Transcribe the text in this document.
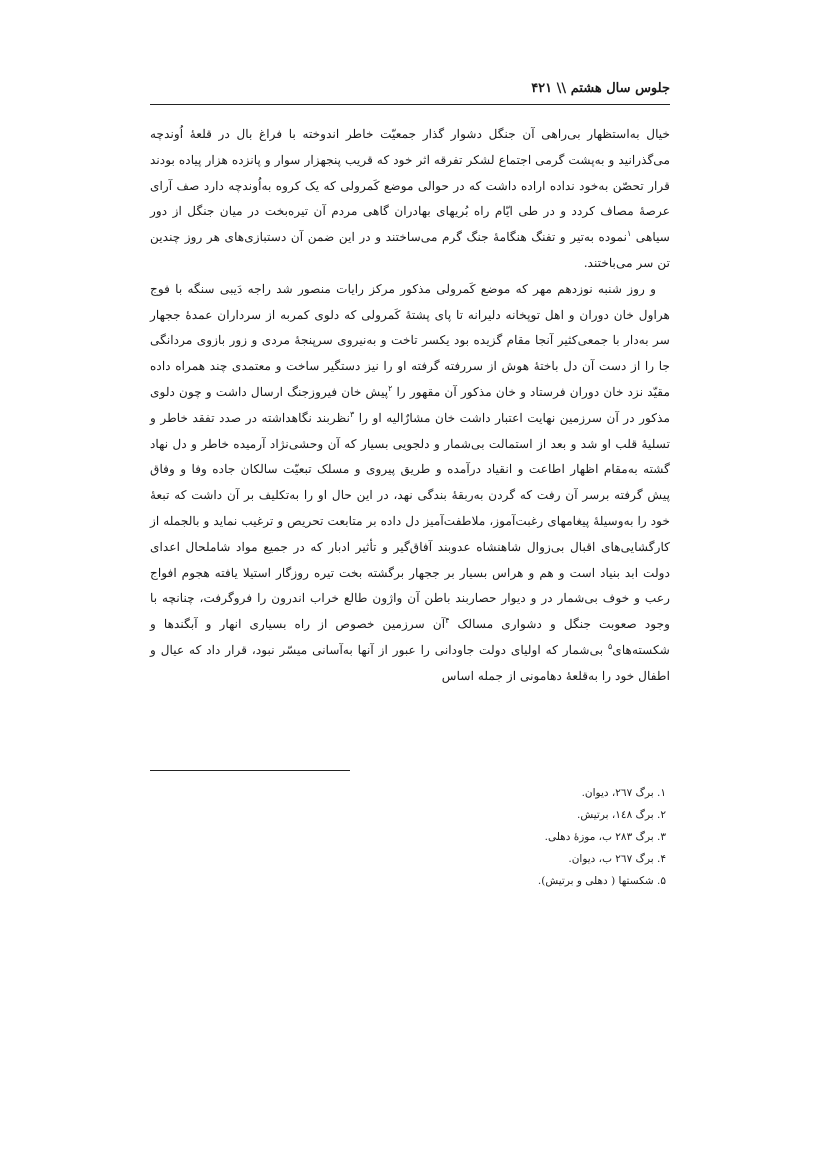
جلوس سال هشتم \\ ۴۲۱

خیال به‌استظهار بی‌راهی آن جنگل دشوار گذار جمعیّت خاطر اندوخته با فراغ بال در قلعهٔ اُوندچه می‌گذرانید و به‌پشت گرمی اجتماع لشکر تفرقه اثر خود که قریب پنجهزار سوار و پانزده هزار پیاده بودند قرار تحصّن به‌خود نداده اراده داشت که در حوالی موضع کَمرولی که یک کروه به‌اُوندچه دارد صف آرای عرصهٔ مصاف کردد و در طی ایّام راه بُریهای بهادران گاهی مردم آن تیره‌بخت در میان جنگل از دور سیاهی $^۱$نموده به‌تیر و تفنگ هنگامهٔ جنگ گرم می‌ساختند و در این ضمن آن دستبازی‌های هر روز چندین تن سر می‌باختند.

و روز شنبه نوزدهم مهر که موضع کَمرولی مذکور مرکز رایات منصور شد راجه دَیبی سنگه با فوج هراول خان دوران و اهل توپخانه دلیرانه تا پای پشتهٔ کَمرولی که دلوی کمربه از سرداران عمدهٔ ججهار سر به‌دار با جمعی‌کثیر آنجا مقام گزیده بود یکسر تاخت و به‌نیروی سرپنجهٔ مردی و زور بازوی مردانگی جا را از دست آن دل باختهٔ هوش از سررفته گرفته او را نیز دستگیر ساخت و معتمدی چند همراه داده مقیّد نزد خان دوران فرستاد و خان مذکور آن مقهور را $^۲$پیش خان فیروزجنگ ارسال داشت و چون دلوی مذکور در آن سرزمین نهایت اعتبار داشت خان مشارٌالیه او را $^۳$نظربند نگاهداشته در صدد تفقد خاطر و تسلیهٔ قلب او شد و بعد از استمالت بی‌شمار و دلجویی بسیار که آن وحشی‌نژاد آرمیده خاطر و دل نهاد گشته به‌مقام اظهار اطاعت و انقیاد درآمده و طریق پیروی و مسلک تبعیّت سالکان جاده وفا و وفاق پیش گرفته برسر آن رفت که گردن به‌ربقهٔ بندگی نهد، در این حال او را به‌تکلیف بر آن داشت که تبعهٔ خود را به‌وسیلهٔ پیغامهای رغبت‌آموز، ملاطفت‌آمیز دل داده بر متابعت تحریص و ترغیب نماید و بالجمله از کارگشایی‌های اقبال بی‌زوال شاهنشاه عدوبند آفاق‌گیر و تأثیر ادبار که در جمیع مواد شاملحال اعدای دولت ابد بنیاد است و هم و هراس بسیار بر ججهار برگشته بخت تیره روزگار استیلا یافته هجوم افواج رعب و خوف بی‌شمار در و دیوار حصاربند باطن آن واژون طالع خراب اندرون را فروگرفت، چنانچه با وجود صعوبت جنگل و دشواری مسالک $^۴$آن سرزمین خصوص از راه بسیاری انهار و آبگندها و شکسته‌های$^۵$ بی‌شمار که اولیای دولت جاودانی را عبور از آنها به‌آسانی میسّر نبود، قرار داد که عیال و اطفال خود را به‌قلعهٔ دهامونی از جمله اساس

۱. برگ ۲٦۷، دیوان.
۲. برگ ۱٤۸، برتیش.
۳. برگ ۲۸۳ ب، موزهٔ دهلی.
۴. برگ ۲٦۷ ب، دیوان.
۵. شکستها ( دهلی و برتیش).
